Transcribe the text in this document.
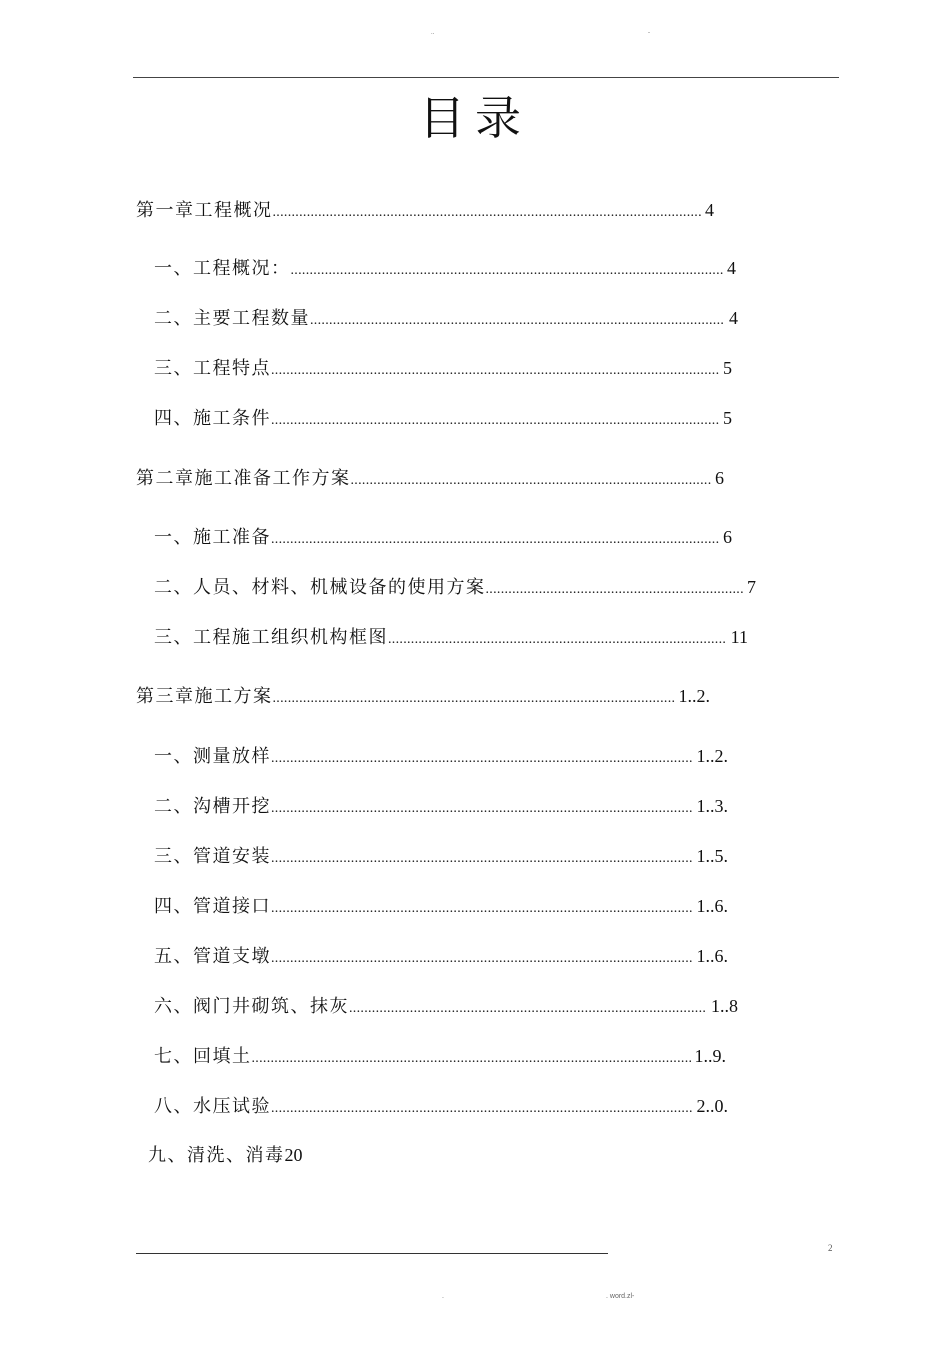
..	-
目录
第一章工程概况 .....	4
一、工程概况： .....	4
二、主要工程数量 .....	4
三、工程特点 .....	5
四、施工条件 .....	5
第二章施工准备工作方案 .....	6
一、施工准备 .....	6
二、人员、材料、机械设备的使用方案 .....	7
三、工程施工组织机构框图 .....	11
第三章施工方案 .....	1..2.
一、测量放样 .....	1..2.
二、沟槽开挖 .....	1..3.
三、管道安装 .....	1..5.
四、管道接口 .....	1..6.
五、管道支墩 .....	1..6.
六、阀门井砌筑、抹灰 .....	1..8
七、回填土 .....	1..9.
八、水压试验 .....	2..0.
九、清洗、消毒20
2
.	. word.zl-
